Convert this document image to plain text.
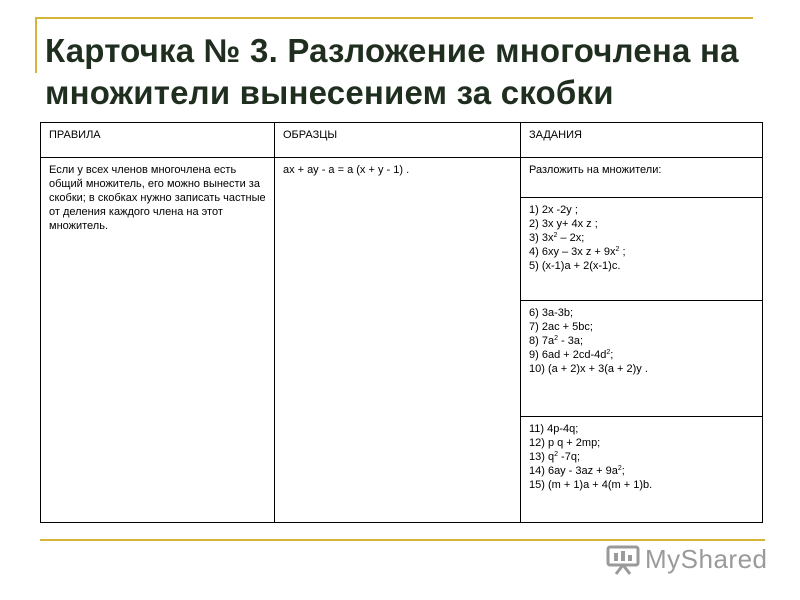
Карточка № 3. Разложение многочлена на множители вынесением за скобки
ПРАВИЛА	ОБРАЗЦЫ	ЗАДАНИЯ
Если у всех членов многочлена есть общий множитель, его можно вынести за скобки; в скобках нужно записать частные от деления каждого члена на этот множитель.	ах + ау - а = а (х + у - 1) .	Разложить на множители:

		1) 2х -2у ;
2) 3х у+ 4х z ;
3) $3х^2 - 2х$;
4) 6ху – 3х $z + 9х^2$ ;
5) (х-1)а + 2(х-1)с.

		6) 3а-3b;
7) 2ас + 5bс;
8) $7а^2 - 3а$;
9) $6аd + 2cd-4d^2$;
10) (а + 2)х + 3(а + 2)у .

		11) 4р-4q;
12) р q + 2mр;
13) $q^2$ -7q;
14) $6ау - 3аz + 9а^2$;
15) (m + 1)а + 4(m + 1)b.
MyShared
